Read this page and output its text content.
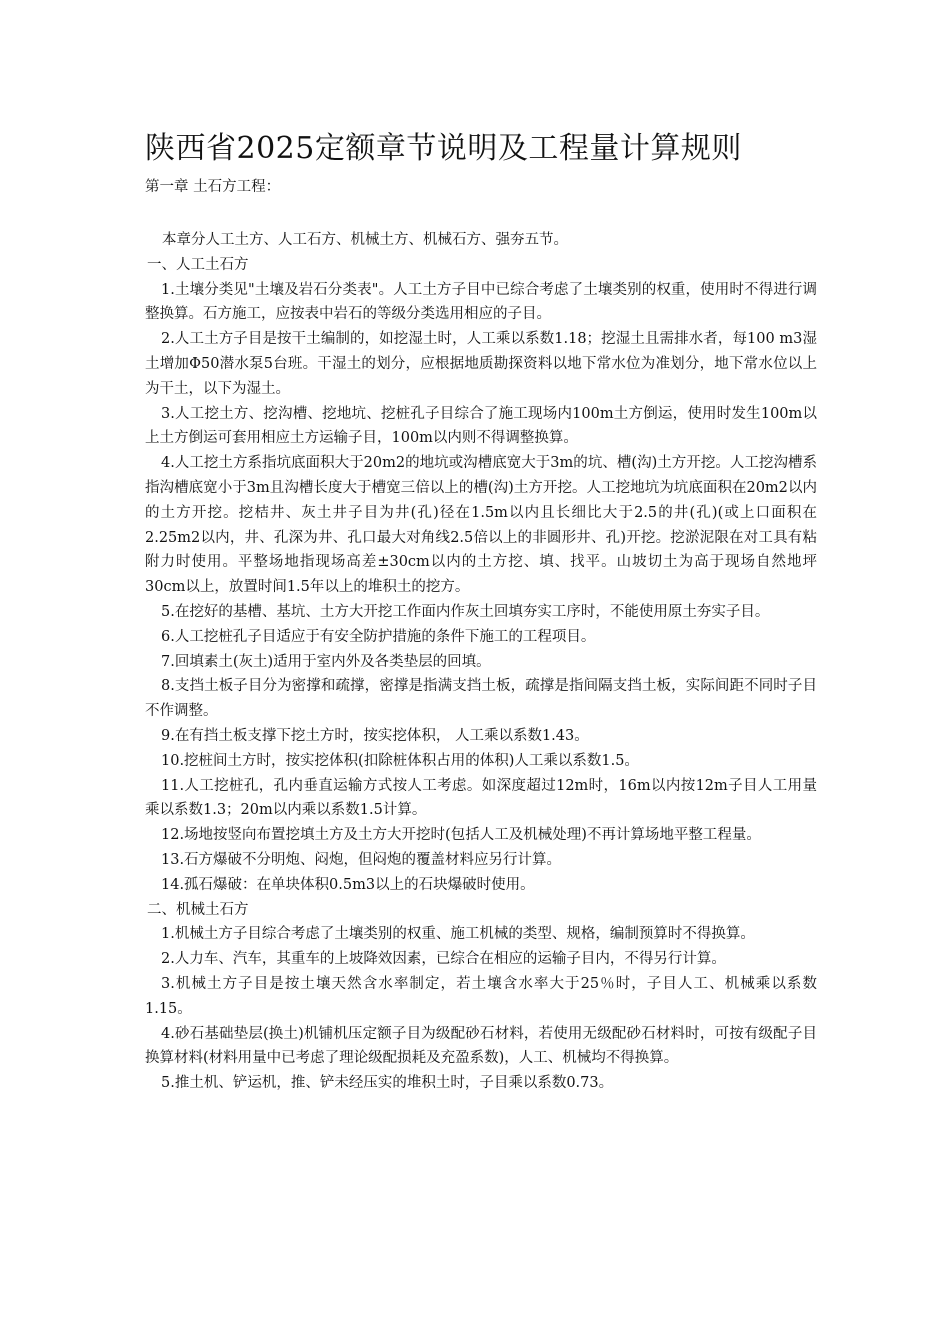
陕西省2025定额章节说明及工程量计算规则

第一章 土石方工程：

本章分人工土方、人工石方、机械土方、机械石方、强夯五节。

一、人工土石方

1.土壤分类见"土壤及岩石分类表"。人工土方子目中已综合考虑了土壤类别的权重，使用时不得进行调整换算。石方施工，应按表中岩石的等级分类选用相应的子目。

2.人工土方子目是按干土编制的，如挖湿土时，人工乘以系数1.18；挖湿土且需排水者，每100 m3湿土增加Φ50潜水泵5台班。干湿土的划分，应根据地质勘探资料以地下常水位为准划分，地下常水位以上为干土，以下为湿土。

3.人工挖土方、挖沟槽、挖地坑、挖桩孔子目综合了施工现场内100m土方倒运，使用时发生100m以上土方倒运可套用相应土方运输子目，100m以内则不得调整换算。

4.人工挖土方系指坑底面积大于20m2的地坑或沟槽底宽大于3m的坑、槽(沟)土方开挖。人工挖沟槽系指沟槽底宽小于3m且沟槽长度大于槽宽三倍以上的槽(沟)土方开挖。人工挖地坑为坑底面积在20m2以内的土方开挖。挖桔井、灰土井子目为井(孔)径在1.5m以内且长细比大于2.5的井(孔)(或上口面积在2.25m2以内，井、孔深为井、孔口最大对角线2.5倍以上的非圆形井、孔)开挖。挖淤泥限在对工具有粘附力时使用。平整场地指现场高差±30cm以内的土方挖、填、找平。山坡切土为高于现场自然地坪30cm以上，放置时间1.5年以上的堆积土的挖方。

5.在挖好的基槽、基坑、土方大开挖工作面内作灰土回填夯实工序时，不能使用原土夯实子目。

6.人工挖桩孔子目适应于有安全防护措施的条件下施工的工程项目。

7.回填素土(灰土)适用于室内外及各类垫层的回填。

8.支挡土板子目分为密撑和疏撑，密撑是指满支挡土板，疏撑是指间隔支挡土板，实际间距不同时子目不作调整。

9.在有挡土板支撑下挖土方时，按实挖体积， 人工乘以系数1.43。

10.挖桩间土方时，按实挖体积(扣除桩体积占用的体积)人工乘以系数1.5。

11.人工挖桩孔，孔内垂直运输方式按人工考虑。如深度超过12m时，16m以内按12m子目人工用量乘以系数1.3；20m以内乘以系数1.5计算。

12.场地按竖向布置挖填土方及土方大开挖时(包括人工及机械处理)不再计算场地平整工程量。

13.石方爆破不分明炮、闷炮，但闷炮的覆盖材料应另行计算。

14.孤石爆破：在单块体积0.5m3以上的石块爆破时使用。

二、机械土石方

1.机械土方子目综合考虑了土壤类别的权重、施工机械的类型、规格，编制预算时不得换算。

2.人力车、汽车，其重车的上坡降效因素，已综合在相应的运输子目内，不得另行计算。

3.机械土方子目是按土壤天然含水率制定，若土壤含水率大于25％时，子目人工、机械乘以系数1.15。

4.砂石基础垫层(换土)机铺机压定额子目为级配砂石材料，若使用无级配砂石材料时，可按有级配子目换算材料(材料用量中已考虑了理论级配损耗及充盈系数)，人工、机械均不得换算。

5.推土机、铲运机，推、铲未经压实的堆积土时，子目乘以系数0.73。
